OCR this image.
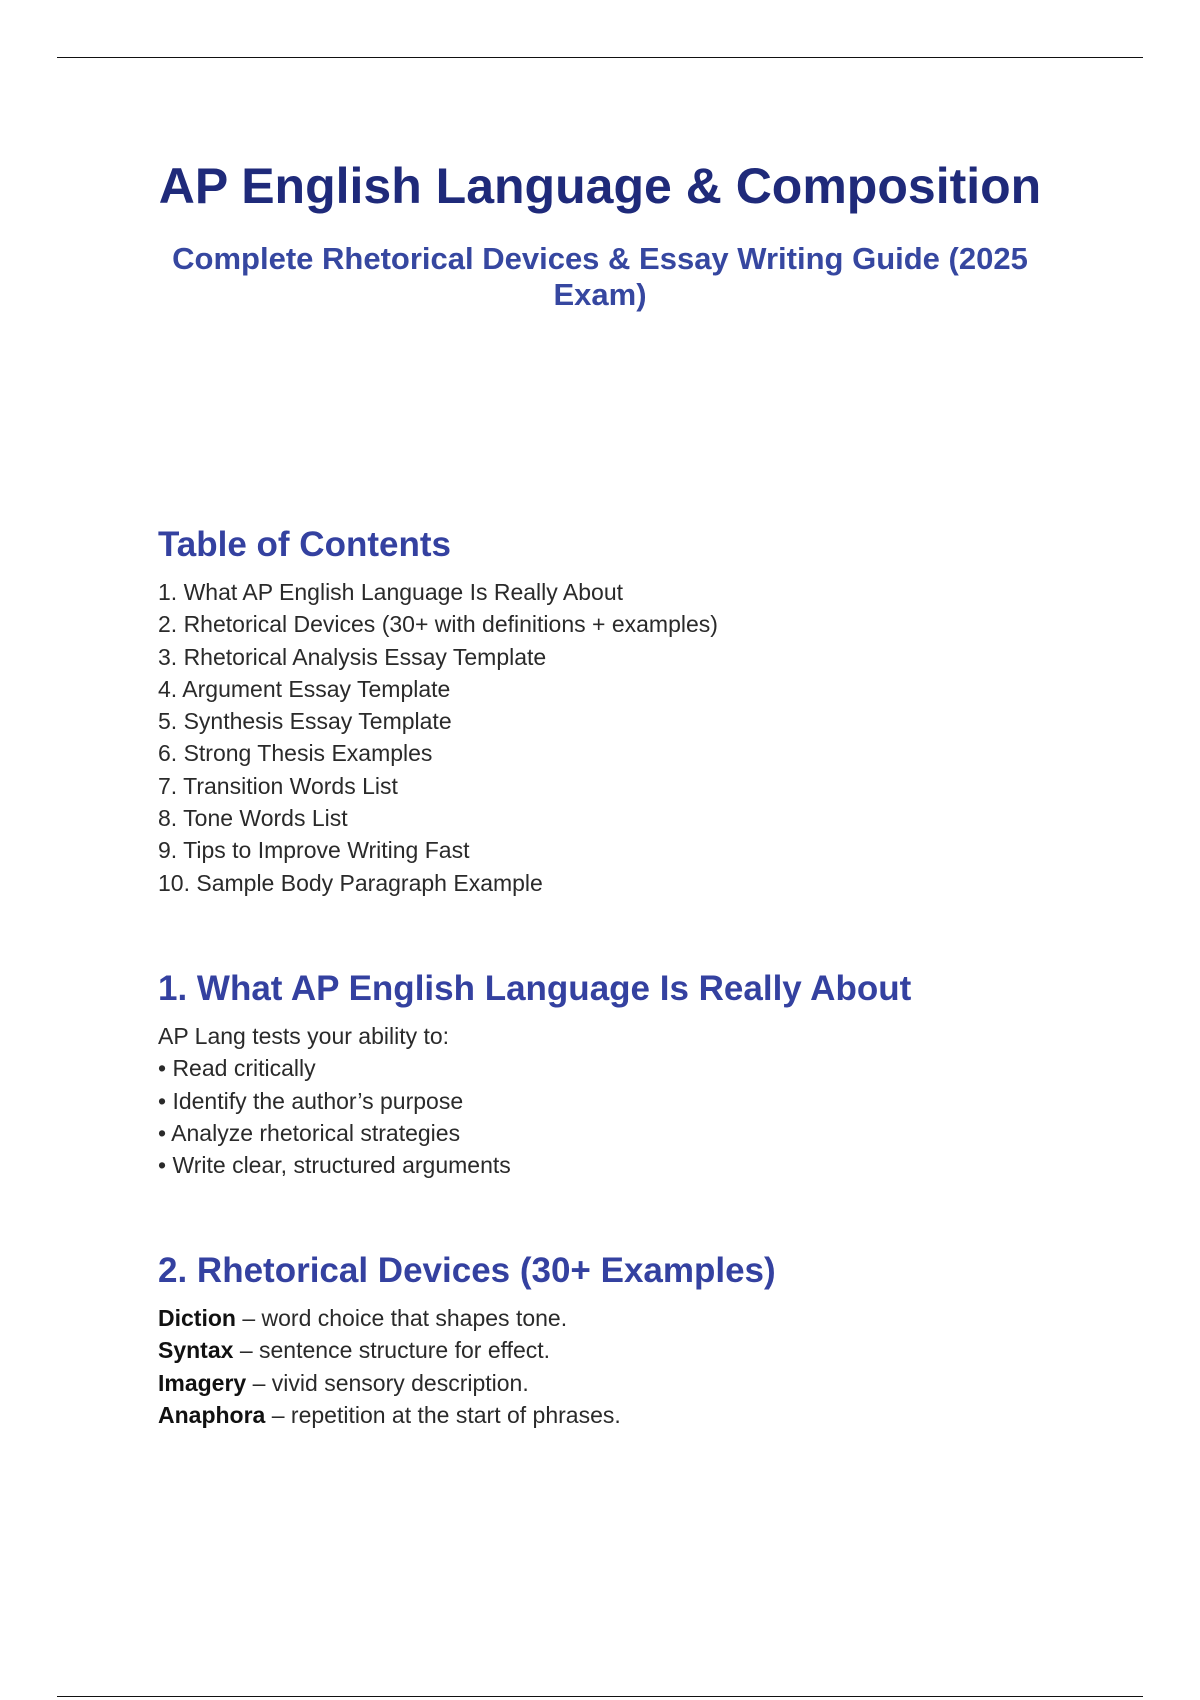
AP English Language & Composition
Complete Rhetorical Devices & Essay Writing Guide (2025 Exam)
Table of Contents
1. What AP English Language Is Really About
2. Rhetorical Devices (30+ with definitions + examples)
3. Rhetorical Analysis Essay Template
4. Argument Essay Template
5. Synthesis Essay Template
6. Strong Thesis Examples
7. Transition Words List
8. Tone Words List
9. Tips to Improve Writing Fast
10. Sample Body Paragraph Example
1. What AP English Language Is Really About
AP Lang tests your ability to:
• Read critically
• Identify the author’s purpose
• Analyze rhetorical strategies
• Write clear, structured arguments
2. Rhetorical Devices (30+ Examples)
Diction – word choice that shapes tone.
Syntax – sentence structure for effect.
Imagery – vivid sensory description.
Anaphora – repetition at the start of phrases.
